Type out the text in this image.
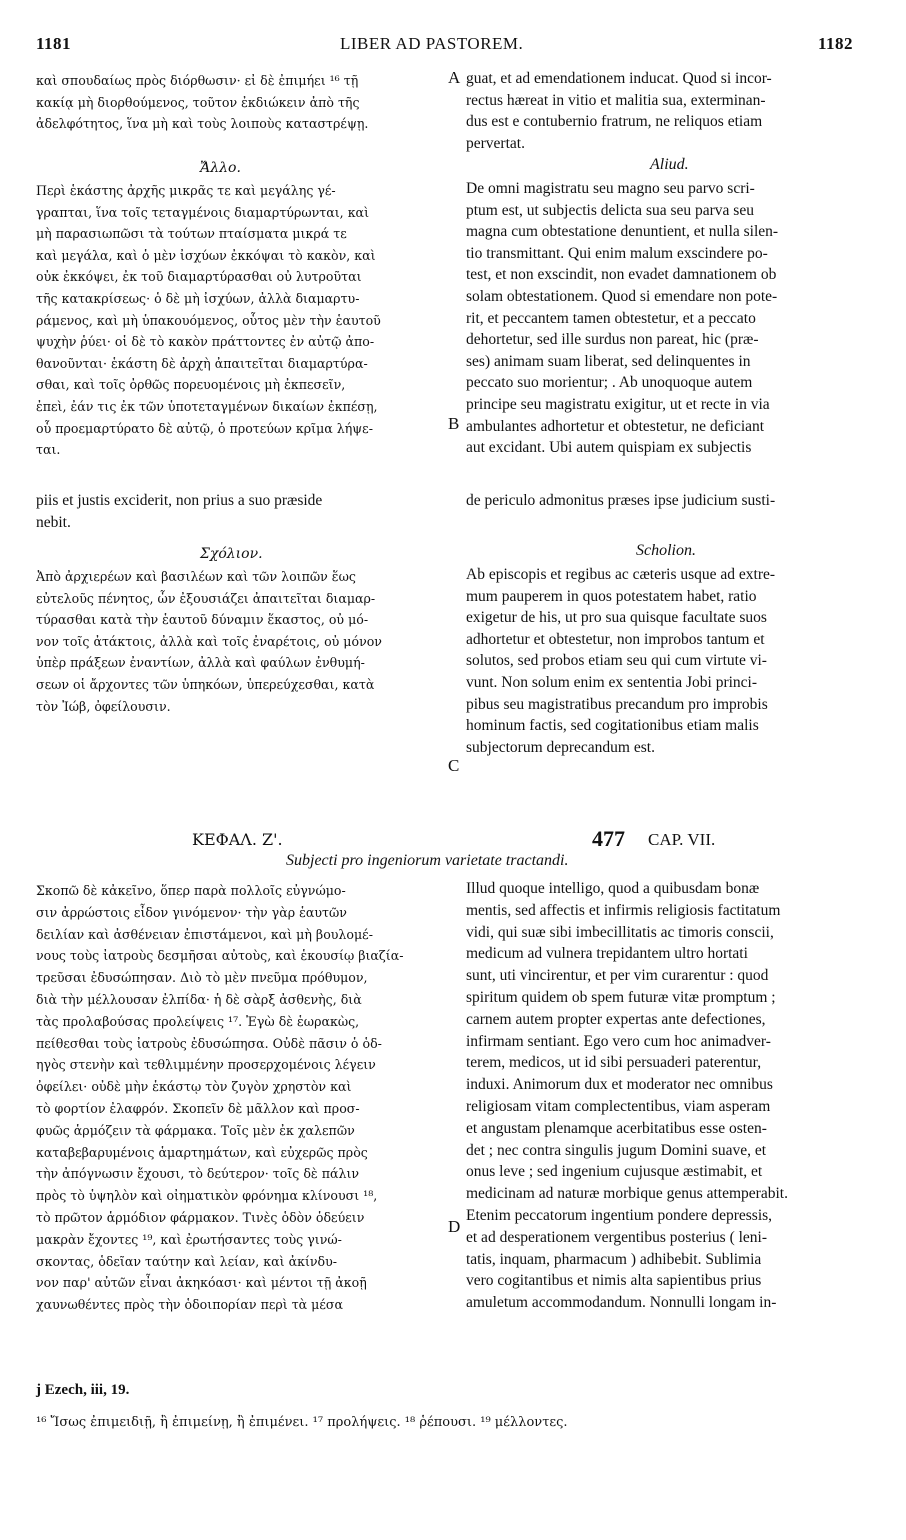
1181	LIBER AD PASTOREM.	1182
καὶ σπουδαίως πρὸς διόρθωσιν· εἰ δὲ ἐπιμήει ¹⁶ τῇ
κακίᾳ μὴ διορθούμενος, τοῦτον ἐκδιώκειν ἀπὸ τῆς
ἀδελφότητος, ἵνα μὴ καὶ τοὺς λοιποὺς καταστρέψῃ.
guat, et ad emendationem inducat. Quod si incor-
rectus hæreat in vitio et malitia sua, exterminan-
dus est e contubernio fratrum, ne reliquos etiam
pervertat.
Ἄλλο.	Aliud.
Περὶ ἑκάστης ἀρχῆς μικρᾶς τε καὶ μεγάλης γέ-
γραπται, ἵνα τοῖς τεταγμένοις διαμαρτύρωνται, καὶ
μὴ παρασιωπῶσι τὰ τούτων πταίσματα μικρά τε
καὶ μεγάλα, καὶ ὁ μὲν ἰσχύων ἐκκόψαι τὸ κακὸν, καὶ
οὐκ ἐκκόψει, ἐκ τοῦ διαμαρτύρασθαι οὐ λυτροῦται
τῆς κατακρίσεως· ὁ δὲ μὴ ἰσχύων, ἀλλὰ διαμαρτυ-
ράμενος, καὶ μὴ ὑπακουόμενος, οὗτος μὲν τὴν ἑαυτοῦ
ψυχὴν ῥύει· οἱ δὲ τὸ κακὸν πράττοντες ἐν αὐτῷ ἀπο-
θανοῦνται· ἑκάστη δὲ ἀρχὴ ἀπαιτεῖται διαμαρτύρα-
σθαι, καὶ τοῖς ὀρθῶς πορευομένοις μὴ ἐκπεσεῖν,
ἐπεὶ, ἐάν τις ἐκ τῶν ὑποτεταγμένων δικαίων ἐκπέσῃ,
οὗ προεμαρτύρατο δὲ αὐτῷ, ὁ προτεύων κρῖμα λήψε-
ται.
De omni magistratu seu magno seu parvo scri-
ptum est, ut subjectis delicta sua seu parva seu
magna cum obtestatione denuntient, et nulla silen-
tio transmittant. Qui enim malum exscindere po-
test, et non exscindit, non evadet damnationem ob
solam obtestationem. Quod si emendare non pote-
rit, et peccantem tamen obtestetur, et a peccato
dehortetur, sed ille surdus non pareat, hic (præ-
ses) animam suam liberat, sed delinquentes in
peccato suo morientur; . Ab unoquoque autem
principe seu magistratu exigitur, ut et recte in via
ambulantes adhortetur et obtestetur, ne deficiant
aut excidant. Ubi autem quispiam ex subjectis
piis et justis exciderit, non prius a suo præside
nebit.
de periculo admonitus præses ipse judicium susti-
Σχόλιον.	Scholion.
Ἀπὸ ἀρχιερέων καὶ βασιλέων καὶ τῶν λοιπῶν ἕως
εὐτελοῦς πένητος, ὧν ἐξουσιάζει ἀπαιτεῖται διαμαρ-
τύρασθαι κατὰ τὴν ἑαυτοῦ δύναμιν ἕκαστος, οὐ μό-
νον τοῖς ἀτάκτοις, ἀλλὰ καὶ τοῖς ἐναρέτοις, οὐ μόνον
ὑπὲρ πράξεων ἐναντίων, ἀλλὰ καὶ φαύλων ἐνθυμή-
σεων οἱ ἄρχοντες τῶν ὑπηκόων, ὑπερεύχεσθαι, κατὰ
τὸν Ἰώβ, ὀφείλουσιν.
Ab episcopis et regibus ac cæteris usque ad extre-
mum pauperem in quos potestatem habet, ratio
exigetur de his, ut pro sua quisque facultate suos
adhortetur et obtestetur, non improbos tantum et
solutos, sed probos etiam seu qui cum virtute vi-
vunt. Non solum enim ex sententia Jobi princi-
pibus seu magistratibus precandum pro improbis
hominum factis, sed cogitationibus etiam malis
subjectorum deprecandum est.
A
B
C
D
ΚΕΦΑΛ. Ζ'.	477 CAP. VII.
Subjecti pro ingeniorum varietate tractandi.
Σκοπῶ δὲ κἀκεῖνο, ὅπερ παρὰ πολλοῖς εὐγνώμο-
σιν ἀρρώστοις εἶδον γινόμενον· τὴν γὰρ ἑαυτῶν
δειλίαν καὶ ἀσθένειαν ἐπιστάμενοι, καὶ μὴ βουλομέ-
νους τοὺς ἰατροὺς δεσμῆσαι αὐτοὺς, καὶ ἑκουσίῳ βιαζία-
τρεῦσαι ἐδυσώπησαν. Διὸ τὸ μὲν πνεῦμα πρόθυμον,
διὰ τὴν μέλλουσαν ἐλπίδα· ἡ δὲ σὰρξ ἀσθενὴς, διὰ
τὰς προλαβούσας προλείψεις ¹⁷. Ἐγὼ δὲ ἑωρακὼς,
πείθεσθαι τοὺς ἰατροὺς ἐδυσώπησα. Οὐδὲ πᾶσιν ὁ ὁδ-
ηγὸς στενὴν καὶ τεθλιμμένην προσερχομένοις λέγειν
ὀφείλει· οὐδὲ μὴν ἑκάστῳ τὸν ζυγὸν χρηστὸν καὶ
τὸ φορτίον ἐλαφρόν. Σκοπεῖν δὲ μᾶλλον καὶ προσ-
φυῶς ἁρμόζειν τὰ φάρμακα. Τοῖς μὲν ἐκ χαλεπῶν
καταβεβαρυμένοις ἁμαρτημάτων, καὶ εὐχερῶς πρὸς
τὴν ἀπόγνωσιν ἔχουσι, τὸ δεύτερον· τοῖς δὲ πάλιν
πρὸς τὸ ὑψηλὸν καὶ οἰηματικὸν φρόνημα κλίνουσι ¹⁸,
τὸ πρῶτον ἁρμόδιον φάρμακον. Τινὲς ὁδὸν ὁδεύειν
μακρὰν ἔχοντες ¹⁹, καὶ ἐρωτήσαντες τοὺς γινώ-
σκοντας, ὁδεῖαν ταύτην καὶ λείαν, καὶ ἀκίνδυ-
νον παρ' αὐτῶν εἶναι ἀκηκόασι· καὶ μέντοι τῇ ἀκοῇ
χαυνωθέντες πρὸς τὴν ὁδοιπορίαν περὶ τὰ μέσα
Illud quoque intelligo, quod a quibusdam bonæ
mentis, sed affectis et infirmis religiosis factitatum
vidi, qui suæ sibi imbecillitatis ac timoris conscii,
medicum ad vulnera trepidantem ultro hortati
sunt, uti vincirentur, et per vim curarentur : quod
spiritum quidem ob spem futuræ vitæ promptum ;
carnem autem propter expertas ante defectiones,
infirmam sentiant. Ego vero cum hoc animadver-
terem, medicos, ut id sibi persuaderi paterentur,
induxi. Animorum dux et moderator nec omnibus
religiosam vitam complectentibus, viam asperam
et angustam plenamque acerbitatibus esse osten-
det ; nec contra singulis jugum Domini suave, et
onus leve ; sed ingenium cujusque æstimabit, et
medicinam ad naturæ morbique genus attemperabit.
Etenim peccatorum ingentium pondere depressis,
et ad desperationem vergentibus posterius ( leni-
tatis, inquam, pharmacum ) adhibebit. Sublimia
vero cogitantibus et nimis alta sapientibus prius
amuletum accommodandum. Nonnulli longam in-
j Ezech, iii, 19.
¹⁶ Ἴσως ἐπιμειδιῇ, ἢ ἐπιμείνῃ, ἢ ἐπιμένει. ¹⁷ προλήψεις. ¹⁸ ῥέπουσι. ¹⁹ μέλλοντες.
